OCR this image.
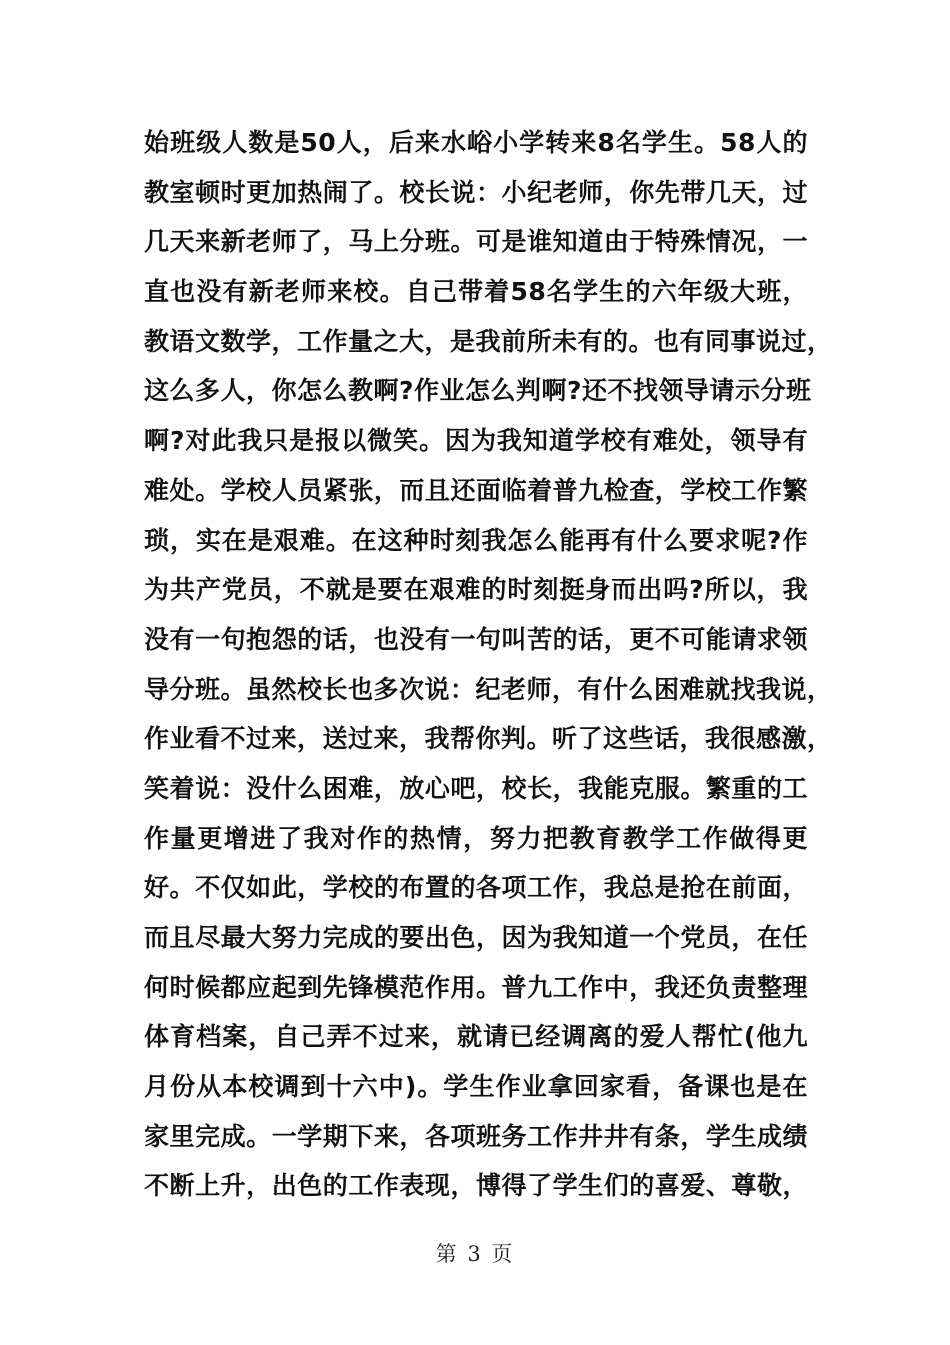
始班级人数是50人，后来水峪小学转来8名学生。58人的
教室顿时更加热闹了。校长说：小纪老师，你先带几天，过
几天来新老师了，马上分班。可是谁知道由于特殊情况，一
直也没有新老师来校。自己带着58名学生的六年级大班，
教语文数学，工作量之大，是我前所未有的。也有同事说过，
这么多人，你怎么教啊?作业怎么判啊?还不找领导请示分班
啊?对此我只是报以微笑。因为我知道学校有难处，领导有
难处。学校人员紧张，而且还面临着普九检查，学校工作繁
琐，实在是艰难。在这种时刻我怎么能再有什么要求呢?作
为共产党员，不就是要在艰难的时刻挺身而出吗?所以，我
没有一句抱怨的话，也没有一句叫苦的话，更不可能请求领
导分班。虽然校长也多次说：纪老师，有什么困难就找我说，
作业看不过来，送过来，我帮你判。听了这些话，我很感激，
笑着说：没什么困难，放心吧，校长，我能克服。繁重的工
作量更增进了我对作的热情，努力把教育教学工作做得更
好。不仅如此，学校的布置的各项工作，我总是抢在前面，
而且尽最大努力完成的要出色，因为我知道一个党员，在任
何时候都应起到先锋模范作用。普九工作中，我还负责整理
体育档案，自己弄不过来，就请已经调离的爱人帮忙(他九
月份从本校调到十六中)。学生作业拿回家看，备课也是在
家里完成。一学期下来，各项班务工作井井有条，学生成绩
不断上升，出色的工作表现，博得了学生们的喜爱、尊敬，
第 3 页
